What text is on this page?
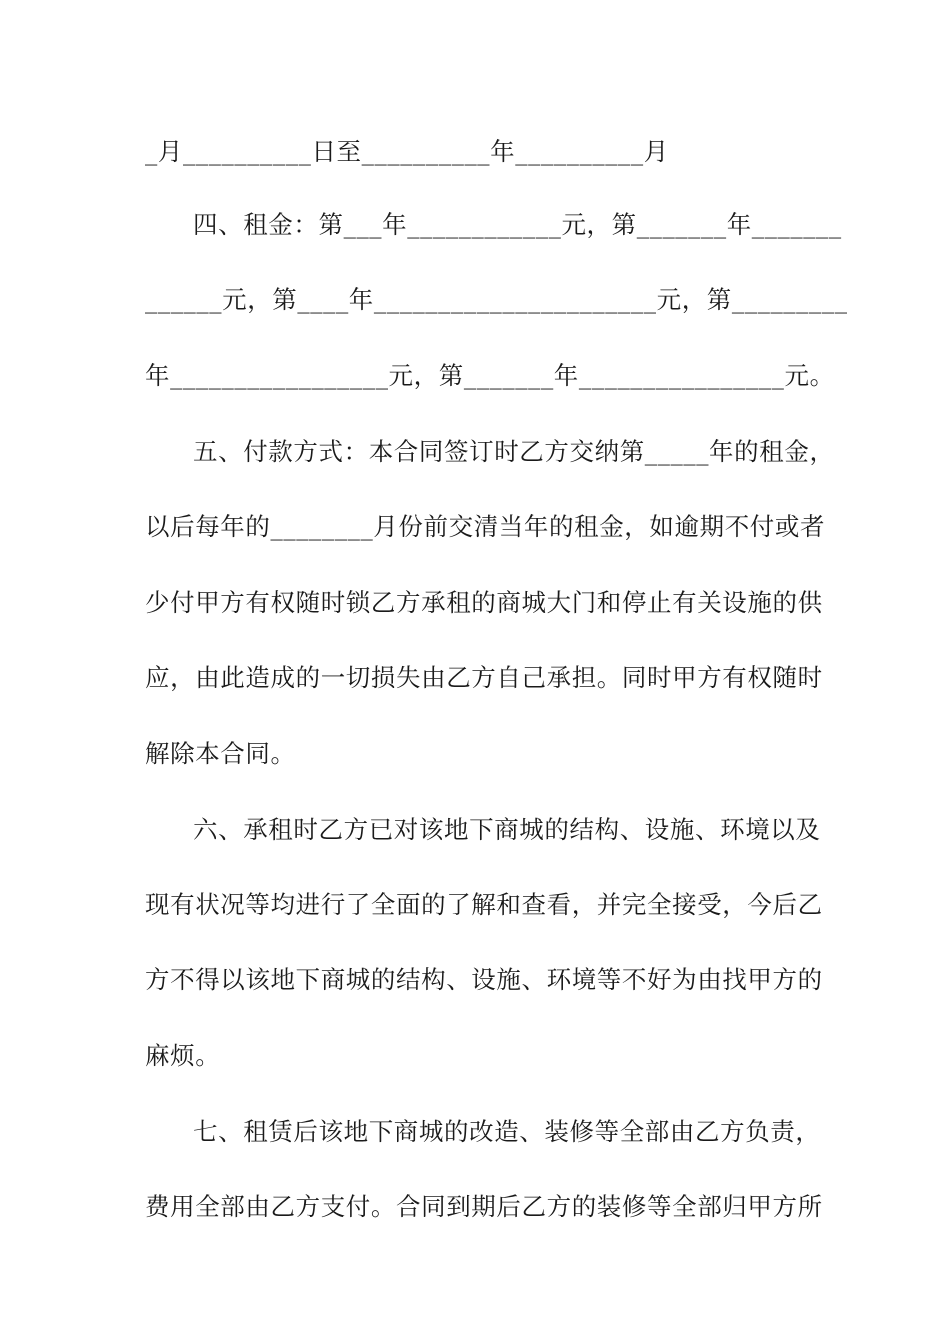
_月__________日至__________年__________月
四、租金：第___年____________元，第_______年_______
______元，第____年______________________元，第_________
年_________________元，第_______年________________元。
五、付款方式：本合同签订时乙方交纳第_____年的租金，
以后每年的________月份前交清当年的租金，如逾期不付或者
少付甲方有权随时锁乙方承租的商城大门和停止有关设施的供
应，由此造成的一切损失由乙方自己承担。同时甲方有权随时
解除本合同。
六、承租时乙方已对该地下商城的结构、设施、环境以及
现有状况等均进行了全面的了解和查看，并完全接受，今后乙
方不得以该地下商城的结构、设施、环境等不好为由找甲方的
麻烦。
七、租赁后该地下商城的改造、装修等全部由乙方负责，
费用全部由乙方支付。合同到期后乙方的装修等全部归甲方所
